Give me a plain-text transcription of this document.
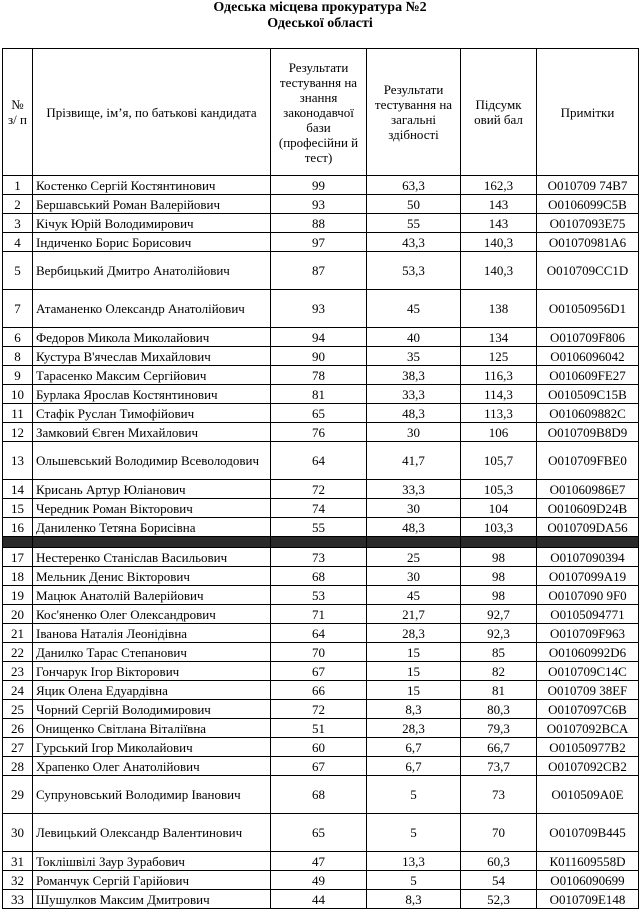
Одеська місцева прокуратура №2
Одеської області
№ з/ п	Прізвище, ім’я, по батькові кандидата	Результати тестування на знання законодавчої бази (професійни й тест)	Результати тестування на загальні здібності	Підсумк овий бал	Примітки
1	Костенко Сергій Костянтинович	99	63,3	162,3	О010709 74B7
2	Бершавський Роман Валерійович	93	50	143	О0106099C5B
3	Кічук Юрій Володимирович	88	55	143	О0107093E75
4	Індиченко Борис Борисович	97	43,3	140,3	О01070981A6
5	Вербицький Дмитро Анатолійович	87	53,3	140,3	О010709CC1D
7	Атаманенко Олександр Анатолійович	93	45	138	О01050956D1
6	Федоров Микола Миколайович	94	40	134	О010709F806
8	Кустура В'ячеслав Михайлович	90	35	125	О0106096042
9	Тарасенко Максим Сергійович	78	38,3	116,3	О010609FE27
10	Бурлака Ярослав Костянтинович	81	33,3	114,3	О010509C15B
11	Стафік Руслан Тимофійович	65	48,3	113,3	О010609882C
12	Замковий Євген Михайлович	76	30	106	О010709B8D9
13	Ольшевський Володимир Всеволодович	64	41,7	105,7	О010709FBE0
14	Крисань Артур Юліанович	72	33,3	105,3	О01060986E7
15	Чередник Роман Вікторович	74	30	104	О010609D24B
16	Даниленко Тетяна Борисівна	55	48,3	103,3	О010709DA56

17	Нестеренко Станіслав Васильович	73	25	98	О0107090394
18	Мельник Денис Вікторович	68	30	98	О0107099A19
19	Мацюк Анатолій Валерійович	53	45	98	О0107090 9F0
20	Кос'яненко Олег Олександрович	71	21,7	92,7	О0105094771
21	Іванова Наталія Леонідівна	64	28,3	92,3	О010709F963
22	Данилко Тарас Степанович	70	15	85	О01060992D6
23	Гончарук Ігор Вікторович	67	15	82	О010709C14C
24	Яцик Олена Едуардівна	66	15	81	О010709 38EF
25	Чорний Сергій Володимирович	72	8,3	80,3	О0107097C6B
26	Онищенко Світлана Віталіївна	51	28,3	79,3	О0107092BCA
27	Гурський Ігор Миколайович	60	6,7	66,7	О01050977B2
28	Храпенко Олег Анатолійович	67	6,7	73,7	О0107092CB2
29	Супруновський Володимир Іванович	68	5	73	О010509A0E
30	Левицький Олександр Валентинович	65	5	70	О010709B445
31	Токлішвілі Заур Зурабович	47	13,3	60,3	К011609558D
32	Романчук Сергій Гарійович	49	5	54	О0106090699
33	Шушулков Максим Дмитрович	44	8,3	52,3	О010709E148
